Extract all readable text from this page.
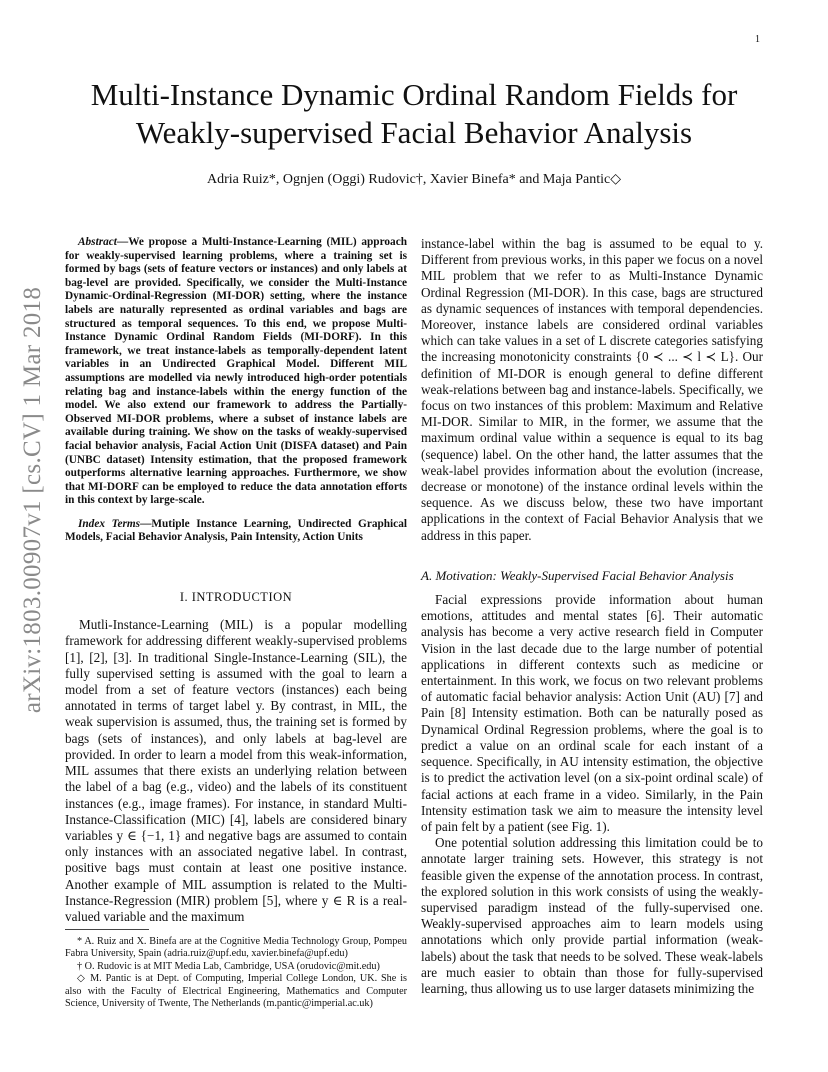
1
arXiv:1803.00907v1 [cs.CV] 1 Mar 2018
Multi-Instance Dynamic Ordinal Random Fields for
Weakly-supervised Facial Behavior Analysis
Adria Ruiz*, Ognjen (Oggi) Rudovic†, Xavier Binefa* and Maja Pantic◇

Abstract—We propose a Multi-Instance-Learning (MIL) approach for weakly-supervised learning problems, where a training set is formed by bags (sets of feature vectors or instances) and only labels at bag-level are provided. Specifically, we consider the Multi-Instance Dynamic-Ordinal-Regression (MI-DOR) setting, where the instance labels are naturally represented as ordinal variables and bags are structured as temporal sequences. To this end, we propose Multi-Instance Dynamic Ordinal Random Fields (MI-DORF). In this framework, we treat instance-labels as temporally-dependent latent variables in an Undirected Graphical Model. Different MIL assumptions are modelled via newly introduced high-order potentials relating bag and instance-labels within the energy function of the model. We also extend our framework to address the Partially-Observed MI-DOR problems, where a subset of instance labels are available during training. We show on the tasks of weakly-supervised facial behavior analysis, Facial Action Unit (DISFA dataset) and Pain (UNBC dataset) Intensity estimation, that the proposed framework outperforms alternative learning approaches. Furthermore, we show that MI-DORF can be employed to reduce the data annotation efforts in this context by large-scale.

Index Terms—Mutiple Instance Learning, Undirected Graphical Models, Facial Behavior Analysis, Pain Intensity, Action Units

I. INTRODUCTION

Mutli-Instance-Learning (MIL) is a popular modelling framework for addressing different weakly-supervised problems [1], [2], [3]. In traditional Single-Instance-Learning (SIL), the fully supervised setting is assumed with the goal to learn a model from a set of feature vectors (instances) each being annotated in terms of target label y. By contrast, in MIL, the weak supervision is assumed, thus, the training set is formed by bags (sets of instances), and only labels at bag-level are provided. In order to learn a model from this weak-information, MIL assumes that there exists an underlying relation between the label of a bag (e.g., video) and the labels of its constituent instances (e.g., image frames). For instance, in standard Multi-Instance-Classification (MIC) [4], labels are considered binary variables y ∈ {−1, 1} and negative bags are assumed to contain only instances with an associated negative label. In contrast, positive bags must contain at least one positive instance. Another example of MIL assumption is related to the Multi-Instance-Regression (MIR) problem [5], where y ∈ R is a real-valued variable and the maximum

* A. Ruiz and X. Binefa are at the Cognitive Media Technology Group, Pompeu Fabra University, Spain (adria.ruiz@upf.edu, xavier.binefa@upf.edu)

† O. Rudovic is at MIT Media Lab, Cambridge, USA (orudovic@mit.edu)

◇ M. Pantic is at Dept. of Computing, Imperial College London, UK. She is also with the Faculty of Electrical Engineering, Mathematics and Computer Science, University of Twente, The Netherlands (m.pantic@imperial.ac.uk)

instance-label within the bag is assumed to be equal to y. Different from previous works, in this paper we focus on a novel MIL problem that we refer to as Multi-Instance Dynamic Ordinal Regression (MI-DOR). In this case, bags are structured as dynamic sequences of instances with temporal dependencies. Moreover, instance labels are considered ordinal variables which can take values in a set of L discrete categories satisfying the increasing monotonicity constraints {0 ≺ ... ≺ l ≺ L}. Our definition of MI-DOR is enough general to define different weak-relations between bag and instance-labels. Specifically, we focus on two instances of this problem: Maximum and Relative MI-DOR. Similar to MIR, in the former, we assume that the maximum ordinal value within a sequence is equal to its bag (sequence) label. On the other hand, the latter assumes that the weak-label provides information about the evolution (increase, decrease or monotone) of the instance ordinal levels within the sequence. As we discuss below, these two have important applications in the context of Facial Behavior Analysis that we address in this paper.

A. Motivation: Weakly-Supervised Facial Behavior Analysis

Facial expressions provide information about human emotions, attitudes and mental states [6]. Their automatic analysis has become a very active research field in Computer Vision in the last decade due to the large number of potential applications in different contexts such as medicine or entertainment. In this work, we focus on two relevant problems of automatic facial behavior analysis: Action Unit (AU) [7] and Pain [8] Intensity estimation. Both can be naturally posed as Dynamical Ordinal Regression problems, where the goal is to predict a value on an ordinal scale for each instant of a sequence. Specifically, in AU intensity estimation, the objective is to predict the activation level (on a six-point ordinal scale) of facial actions at each frame in a video. Similarly, in the Pain Intensity estimation task we aim to measure the intensity level of pain felt by a patient (see Fig. 1).

One potential solution addressing this limitation could be to annotate larger training sets. However, this strategy is not feasible given the expense of the annotation process. In contrast, the explored solution in this work consists of using the weakly-supervised paradigm instead of the fully-supervised one. Weakly-supervised approaches aim to learn models using annotations which only provide partial information (weak-labels) about the task that needs to be solved. These weak-labels are much easier to obtain than those for fully-supervised learning, thus allowing us to use larger datasets minimizing the
